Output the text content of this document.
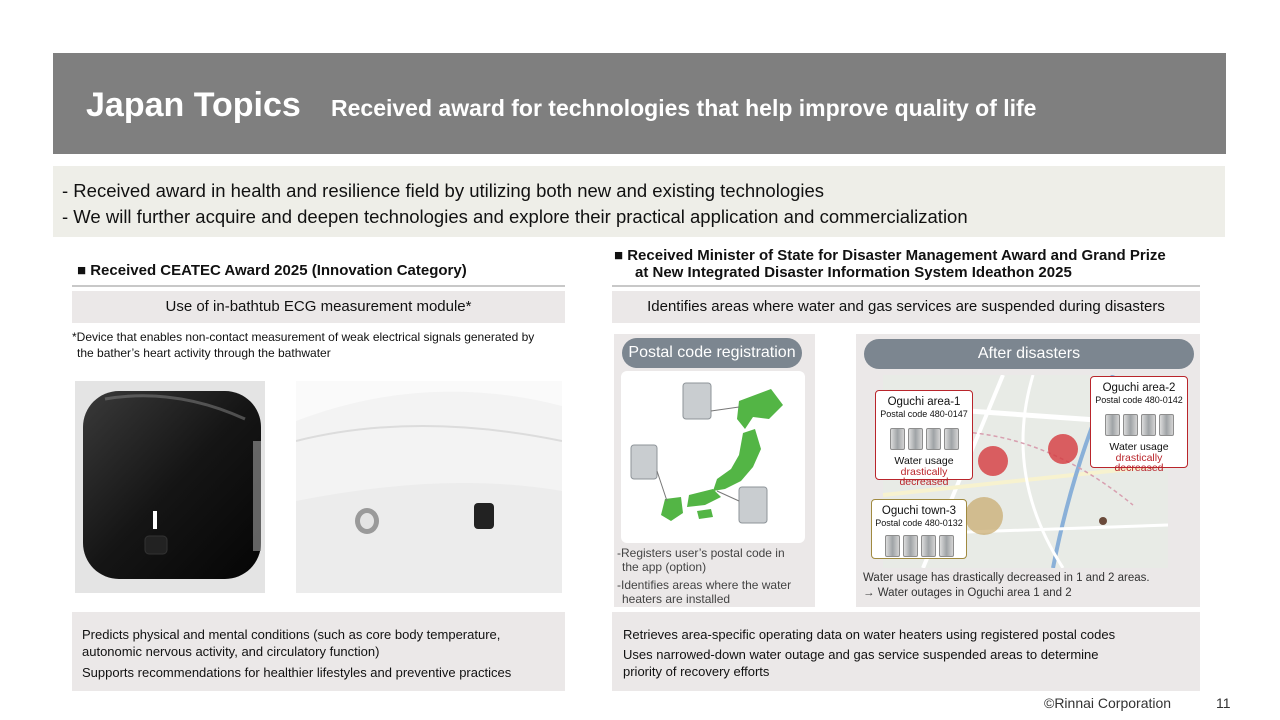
Japan Topics Received award for technologies that help improve quality of life
- Received award in health and resilience field by utilizing both new and existing technologies
- We will further acquire and deepen technologies and explore their practical application and commercialization
■ Received CEATEC Award 2025 (Innovation Category)
Use of in-bathtub ECG measurement module*
*Device that enables non-contact measurement of weak electrical signals generated by
the bather’s heart activity through the bathwater
Predicts physical and mental conditions (such as core body temperature,
autonomic nervous activity, and circulatory function)
Supports recommendations for healthier lifestyles and preventive practices
■ Received Minister of State for Disaster Management Award and Grand Prize
at New Integrated Disaster Information System Ideathon 2025
Identifies areas where water and gas services are suspended during disasters
Postal code registration
-Registers user’s postal code in
the app (option)
-Identifies areas where the water
heaters are installed
After disasters
Oguchi area-1
Postal code 480-0147
Water usage
drastically
decreased
Oguchi area-2
Postal code 480-0142
Water usage
drastically
decreased
Oguchi town-3
Postal code 480-0132
Water usage has drastically decreased in 1 and 2 areas.
→ Water outages in Oguchi area 1 and 2
Retrieves area-specific operating data on water heaters using registered postal codes
Uses narrowed-down water outage and gas service suspended areas to determine
priority of recovery efforts
©Rinnai Corporation	11
